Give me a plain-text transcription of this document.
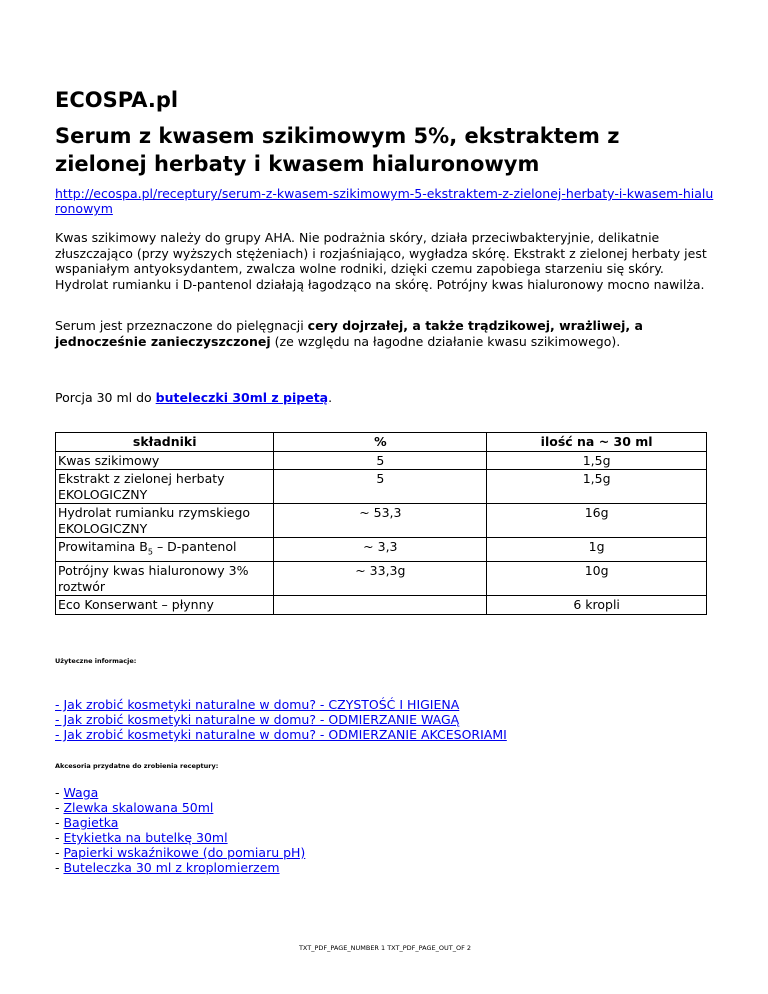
ECOSPA.pl
Serum z kwasem szikimowym 5%, ekstraktem z zielonej herbaty i kwasem hialuronowym
http://ecospa.pl/receptury/serum-z-kwasem-szikimowym-5-ekstraktem-z-zielonej-herbaty-i-kwasem-hialuronowym

Kwas szikimowy należy do grupy AHA. Nie podrażnia skóry, działa przeciwbakteryjnie, delikatnie złuszczająco (przy wyższych stężeniach) i rozjaśniająco, wygładza skórę. Ekstrakt z zielonej herbaty jest wspaniałym antyoksydantem, zwalcza wolne rodniki, dzięki czemu zapobiega starzeniu się skóry. Hydrolat rumianku i D-pantenol działają łagodząco na skórę. Potrójny kwas hialuronowy mocno nawilża.

Serum jest przeznaczone do pielęgnacji cery dojrzałej, a także trądzikowej, wrażliwej, a jednocześnie zanieczyszczonej (ze względu na łagodne działanie kwasu szikimowego).

Porcja 30 ml do buteleczki 30ml z pipetą.

składniki	%	ilość na ~ 30 ml
Kwas szikimowy	5	1,5g
Ekstrakt z zielonej herbaty EKOLOGICZNY	5	1,5g
Hydrolat rumianku rzymskiego EKOLOGICZNY	~ 53,3	16g
Prowitamina $B_5$ – D-pantenol	~ 3,3	1g
Potrójny kwas hialuronowy 3% roztwór	~ 33,3g	10g
Eco Konserwant – płynny		6 kropli
Użyteczne informacje:
- Jak zrobić kosmetyki naturalne w domu? - CZYSTOŚĆ I HIGIENA
- Jak zrobić kosmetyki naturalne w domu? - ODMIERZANIE WAGĄ
- Jak zrobić kosmetyki naturalne w domu? - ODMIERZANIE AKCESORIAMI
Akcesoria przydatne do zrobienia receptury:
- Waga
- Zlewka skalowana 50ml
- Bagietka
- Etykietka na butelkę 30ml
- Papierki wskaźnikowe (do pomiaru pH)
- Buteleczka 30 ml z kroplomierzem
TXT_PDF_PAGE_NUMBER 1 TXT_PDF_PAGE_OUT_OF 2
